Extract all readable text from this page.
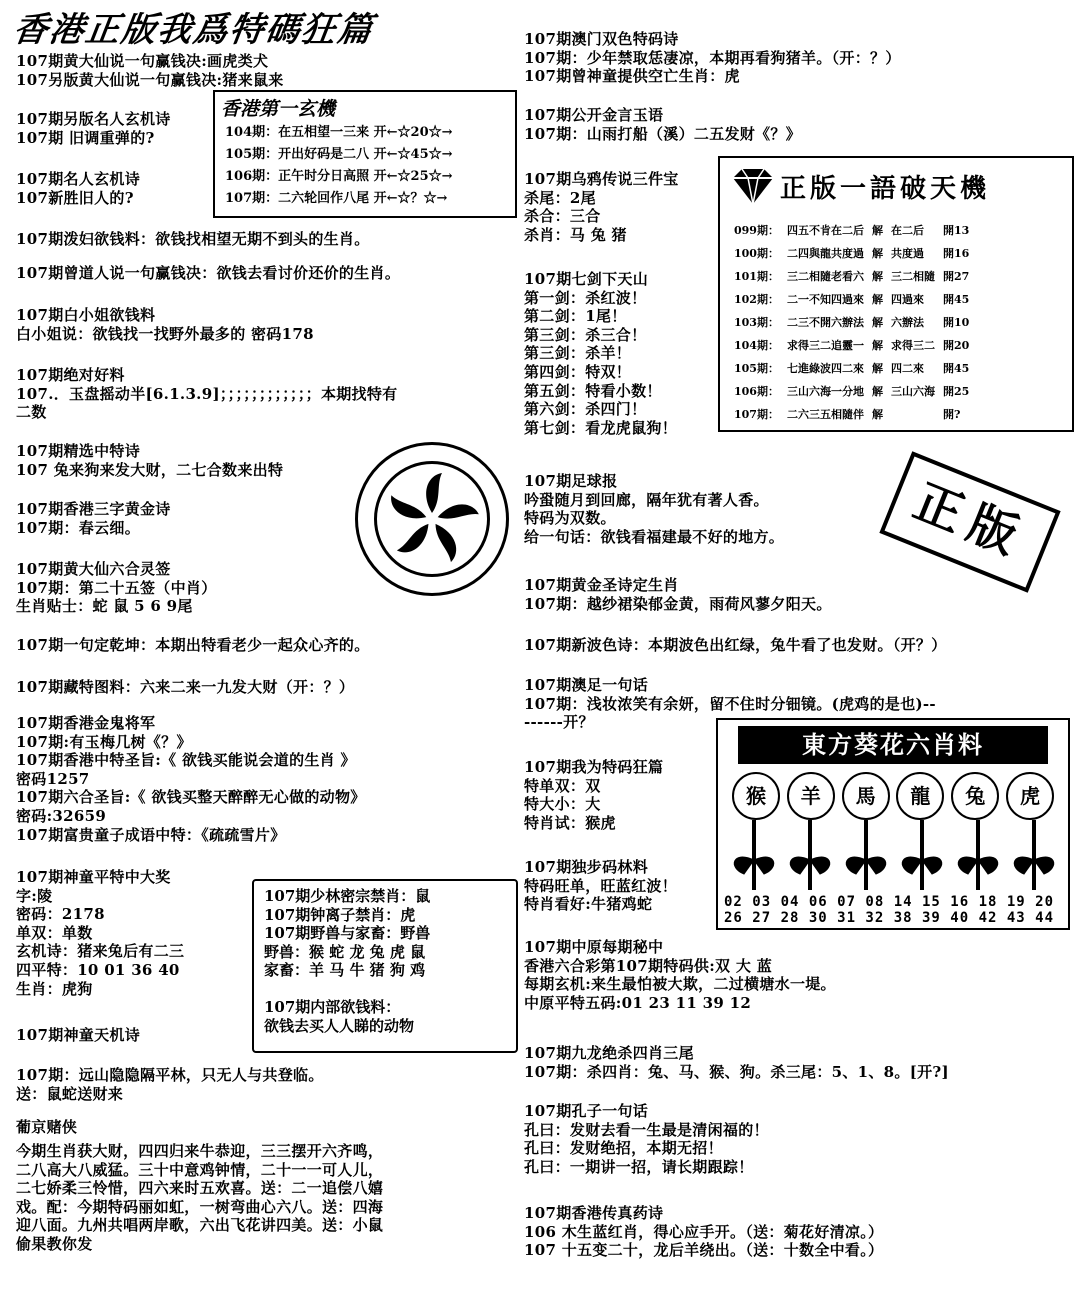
香港正版我爲特碼狂篇
107期黄大仙说一句赢钱决:画虎类犬
107另版黄大仙说一句赢钱决:猪来鼠来
107期另版名人玄机诗
107期 旧调重弹的?
107期名人玄机诗
107新胜旧人的?
107期泼妇欲钱料：欲钱找相望无期不到头的生肖。
107期曾道人说一句赢钱决：欲钱去看讨价还价的生肖。
107期白小姐欲钱料
白小姐说：欲钱找一找野外最多的 密码178
107期绝对好料
107.．玉盘摇动半[6.1.3.9]；；；；；；；；；；；；本期找特有
二数
107期精选中特诗
107 兔来狗来发大财，二七合数来出特
107期香港三字黄金诗
107期：春云细。
107期黄大仙六合灵签
107期：第二十五签（中肖）
生肖贴士：蛇 鼠 5 6 9尾
107期一句定乾坤：本期出特看老少一起众心齐的。
107期藏特图料：六来二来一九发大财（开：？）
107期香港金鬼将军
107期:有玉梅几树《？》
107期香港中特圣旨:《 欲钱买能说会道的生肖 》
密码1257
107期六合圣旨:《 欲钱买整天醉醉无心做的动物》
密码:32659
107期富贵童子成语中特：《疏疏雪片》
107期神童平特中大奖
字:陵
密码：2178
单双：单数
玄机诗：猪来兔后有二三
四平特：10 01 36 40
生肖：虎狗
107期神童天机诗
107期：远山隐隐隔平林，只无人与共登临。
送：鼠蛇送财来
葡京赌侠
今期生肖获大财，四四归来牛恭迎，三三摆开六齐鸣，
二八高大八威猛。三十中意鸡钟情，二十一一可人儿，
二七娇柔三怜惜，四六来时五欢喜。送：二一追偿八嬉
戏。配：今期特码丽如虹，一树弯曲心六八。送：四海
迎八面。九州共唱两岸歌，六出飞花讲四美。送：小鼠
偷果教你发
107期澳门双色特码诗
107期：少年禁取恁凄凉，本期再看狗猪羊。（开：？）
107期曾神童提供空亡生肖：虎
107期公开金言玉语
107期：山雨打船（溪）二五发财《？》
107期乌鸦传说三件宝
杀尾：2尾
杀合：三合
杀肖：马 兔 猪
107期七剑下天山
第一剑：杀红波！
第二剑：1尾！
第三剑：杀三合！
第三剑：杀羊！
第四剑：特双！
第五剑：特看小数！
第六剑：杀四门！
第七剑：看龙虎鼠狗！
107期足球报
吟蛩随月到回廊，隔年犹有著人香。
特码为双数。
给一句话：欲钱看福建最不好的地方。
107期黄金圣诗定生肖
107期：越纱裙染郁金黄，雨荷风蓼夕阳天。
107期新波色诗：本期波色出红绿，兔牛看了也发财。（开？）
107期澳足一句话
107期：浅妆浓笑有余妍，留不住时分钿镜。(虎鸡的是也)--
------开？
107期我为特码狂篇
特单双：双
特大小：大
特肖试：猴虎
107期独步码林料
特码旺单，旺蓝红波！
特肖看好:牛猪鸡蛇
107期中原每期秘中
香港六合彩第107期特码供:双 大 蓝
每期玄机:来生最怕被大欺，二过横塘水一堤。
中原平特五码:01 23 11 39 12
107期九龙绝杀四肖三尾
107期：杀四肖：兔、马、猴、狗。杀三尾：5、1、8。[开?]
107期孔子一句话
孔曰：发财去看一生最是清闲福的！
孔曰：发财绝招，本期无招！
孔曰：一期讲一招，请长期跟踪！
107期香港传真药诗
106 木生蓝红肖，得心应手开。（送：菊花好清凉。）
107 十五变二十，龙后羊绕出。（送：十数全中看。）
香港第一玄機
104期：在五相望一三来 开←☆20☆→
105期：开出好码是二八 开←☆45☆→
106期：正午时分日高照 开←☆25☆→
107期：二六轮回作八尾 开←☆？☆→
107期少林密宗禁肖：鼠
107期钟离子禁肖：虎
107期野兽与家畜：野兽
野兽：猴 蛇 龙 兔 虎 鼠
家畜：羊 马 牛 猪 狗 鸡
107期内部欲钱料：
欲钱去买人人睇的动物
正版一語破天機
099期：	四五不肯在二后	解	在二后	開13
100期：	二四與龍共度過	解	共度過	開16
101期：	三二相隨老看六	解	三二相隨	開27
102期：	二一不知四過來	解	四過來	開45
103期：	二三不開六辦法	解	六辦法	開10
104期：	求得三二追靈一	解	求得三二	開20
105期：	七進綠波四二來	解	四二來	開45
106期：	三山六海一分地	解	三山六海	開25
107期：	二六三五相隨伴	解		開?
正版
東方葵花六肖料
猴	羊	馬	龍	兔	虎
02 03 04 06 07 08 14 15 16 18 19 20
26 27 28 30 31 32 38 39 40 42 43 44
